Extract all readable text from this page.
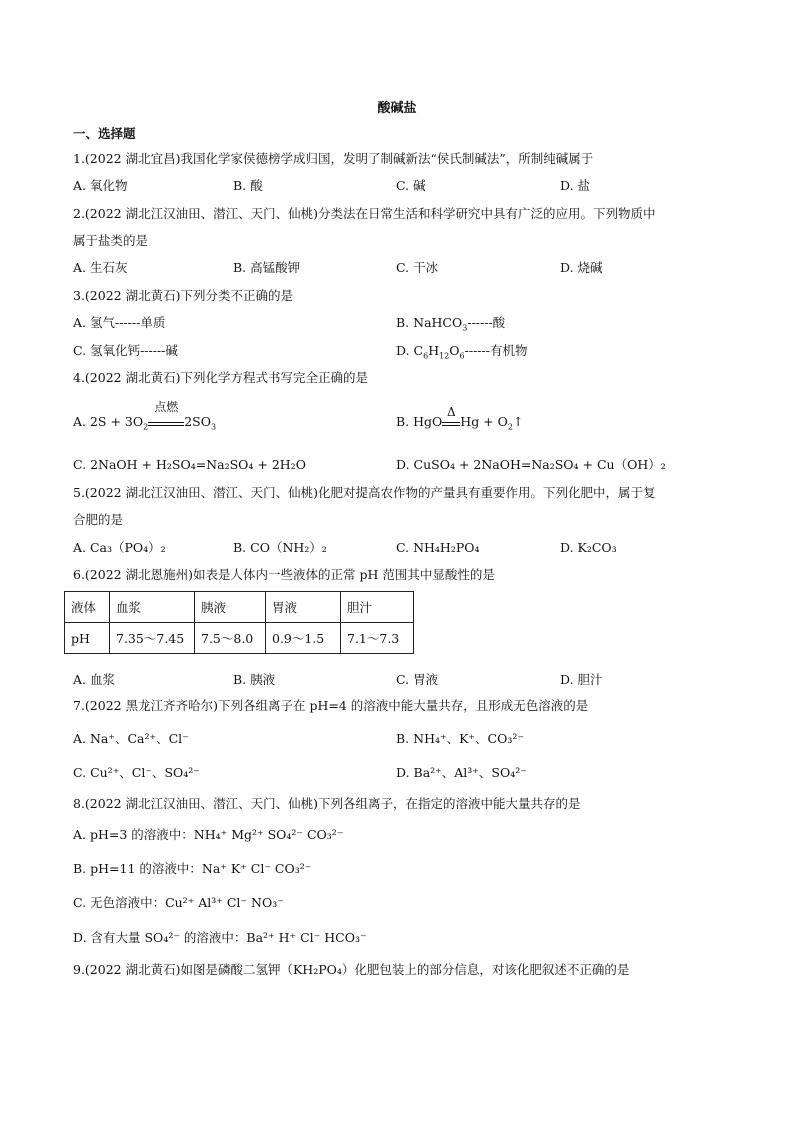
酸碱盐
一、选择题
1.(2022 湖北宜昌)我国化学家侯德榜学成归国，发明了制碱新法“侯氏制碱法”，所制纯碱属于
A. 氧化物	B. 酸	C. 碱	D. 盐
2.(2022 湖北江汉油田、潜江、天门、仙桃)分类法在日常生活和科学研究中具有广泛的应用。下列物质中
属于盐类的是
A. 生石灰	B. 高锰酸钾	C. 干冰	D. 烧碱
3.(2022 湖北黄石)下列分类不正确的是
A. 氢气------单质	B. NaHCO$_3$------酸
C. 氢氧化钙------碱	D. $C_6H_{12}O_6------$有机物
4.(2022 湖北黄石)下列化学方程式书写完全正确的是
A. $2S + 3O_2$
点燃
$2SO_3$	B. HgO
Δ
$Hg + O_2↑$
C. 2NaOH + H₂SO₄=Na₂SO₄ + 2H₂O	D. CuSO₄ + 2NaOH=Na₂SO₄ + Cu（OH）₂
5.(2022 湖北江汉油田、潜江、天门、仙桃)化肥对提高农作物的产量具有重要作用。下列化肥中，属于复
合肥的是
A. Ca₃（PO₄）₂	B. CO（NH₂）₂	C. NH₄H₂PO₄	D. K₂CO₃
6.(2022 湖北恩施州)如表是人体内一些液体的正常 pH 范围其中显酸性的是
液体	血浆	胰液	胃液	胆汁
pH	7.35～7.45	7.5～8.0	0.9～1.5	7.1～7.3
A. 血浆	B. 胰液	C. 胃液	D. 胆汁
7.(2022 黑龙江齐齐哈尔)下列各组离子在 pH=4 的溶液中能大量共存，且形成无色溶液的是
A. Na⁺、Ca²⁺、Cl⁻	B. NH₄⁺、K⁺、CO₃²⁻
C. Cu²⁺、Cl⁻、SO₄²⁻	D. Ba²⁺、Al³⁺、SO₄²⁻
8.(2022 湖北江汉油田、潜江、天门、仙桃)下列各组离子，在指定的溶液中能大量共存的是
A. pH=3 的溶液中：NH₄⁺ Mg²⁺ SO₄²⁻ CO₃²⁻
B. pH=11 的溶液中：Na⁺ K⁺ Cl⁻ CO₃²⁻
C. 无色溶液中：Cu²⁺ Al³⁺ Cl⁻ NO₃⁻
D. 含有大量 SO₄²⁻ 的溶液中：Ba²⁺ H⁺ Cl⁻ HCO₃⁻
9.(2022 湖北黄石)如图是磷酸二氢钾（KH₂PO₄）化肥包装上的部分信息，对该化肥叙述不正确的是
